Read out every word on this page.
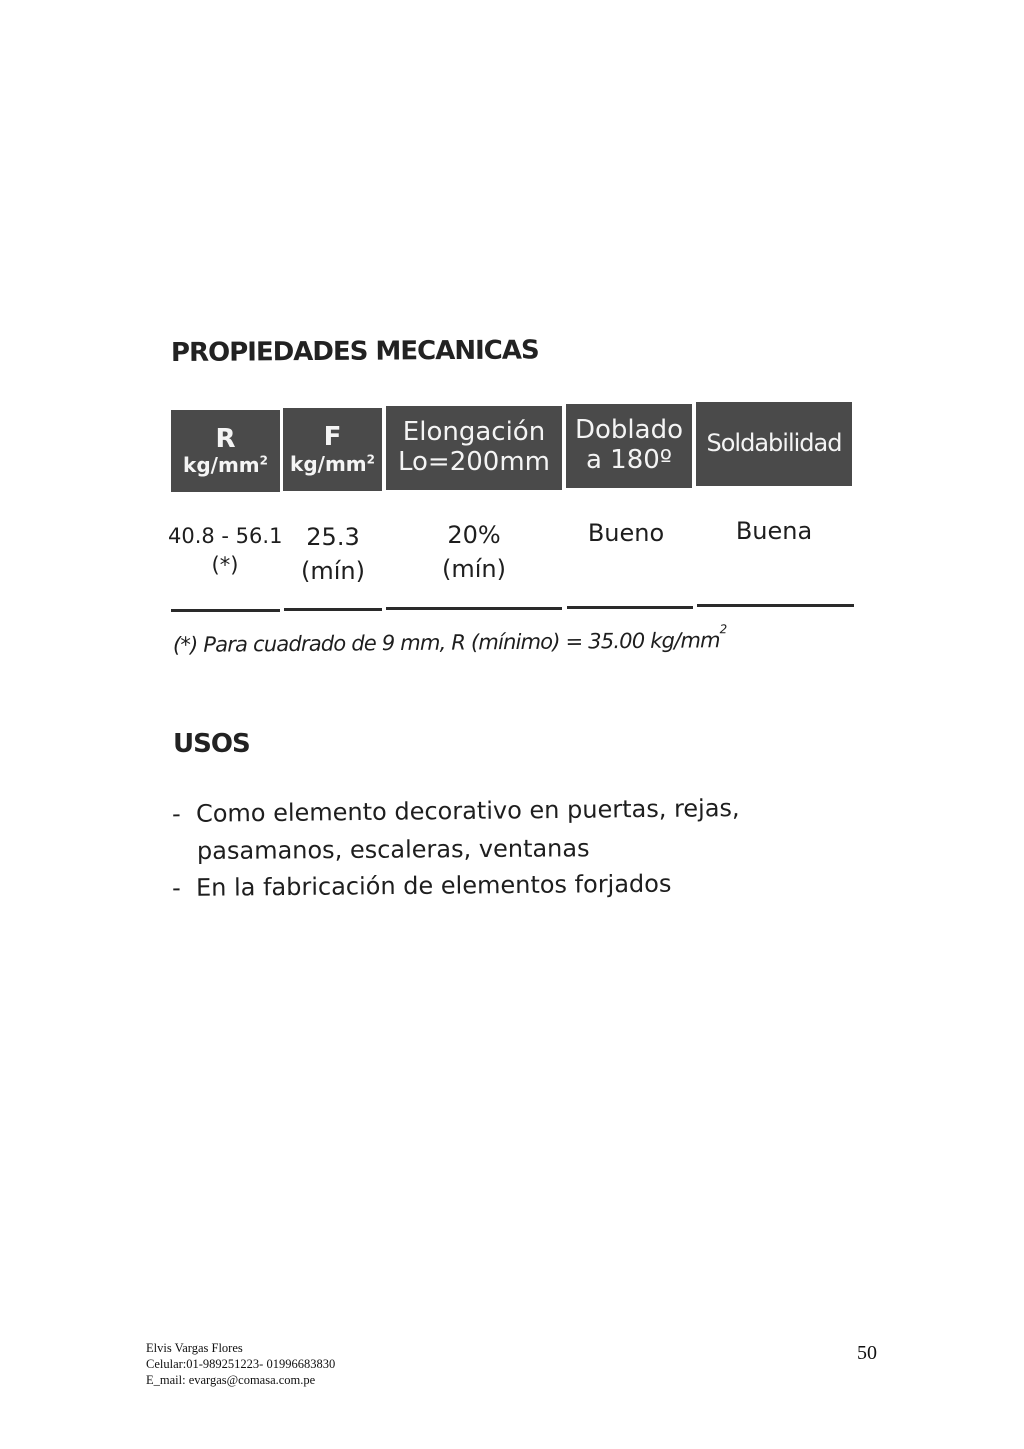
PROPIEDADES MECANICAS
R
$kg/mm^2$
F
$kg/mm^2$
Elongación
Lo=200mm
Doblado
a 180º
Soldabilidad
40.8 - 56.1
(*)
25.3
(mín)
20%
(mín)
Bueno	Buena
(*) Para cuadrado de 9 mm, R (mínimo) = 35.00 $kg/mm^2$
USOS
- Como elemento decorativo en puertas, rejas,
pasamanos, escaleras, ventanas
- En la fabricación de elementos forjados
Elvis Vargas Flores
Celular:01-989251223- 01996683830
E_mail: evargas@comasa.com.pe
50
